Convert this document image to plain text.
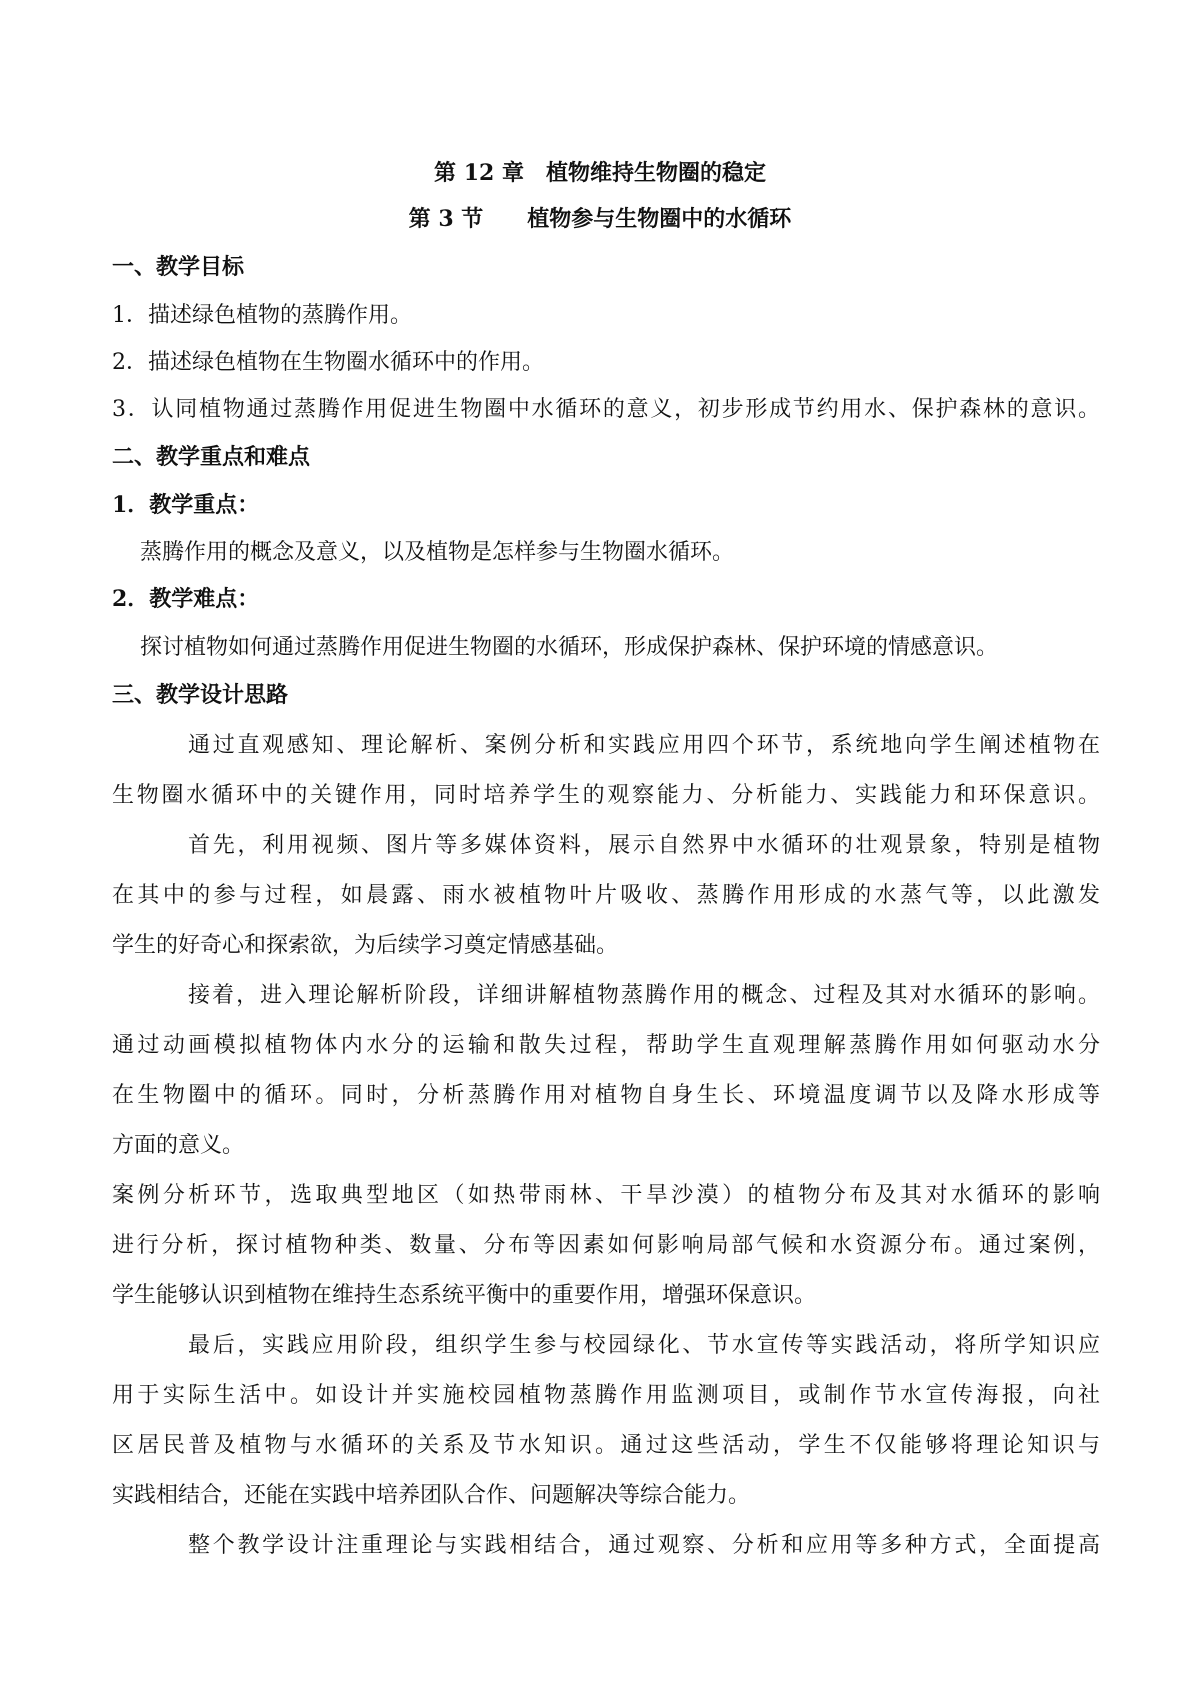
第 12 章　植物维持生物圈的稳定
第 3 节　　植物参与生物圈中的水循环
一、教学目标
1．描述绿色植物的蒸腾作用。
2．描述绿色植物在生物圈水循环中的作用。
3．认同植物通过蒸腾作用促进生物圈中水循环的意义，初步形成节约用水、保护森林的意识。
二、教学重点和难点
1．教学重点：
蒸腾作用的概念及意义，以及植物是怎样参与生物圈水循环。
2．教学难点：
探讨植物如何通过蒸腾作用促进生物圈的水循环，形成保护森林、保护环境的情感意识。
三、教学设计思路
通过直观感知、理论解析、案例分析和实践应用四个环节，系统地向学生阐述植物在
生物圈水循环中的关键作用，同时培养学生的观察能力、分析能力、实践能力和环保意识。
首先，利用视频、图片等多媒体资料，展示自然界中水循环的壮观景象，特别是植物
在其中的参与过程，如晨露、雨水被植物叶片吸收、蒸腾作用形成的水蒸气等，以此激发
学生的好奇心和探索欲，为后续学习奠定情感基础。
接着，进入理论解析阶段，详细讲解植物蒸腾作用的概念、过程及其对水循环的影响。
通过动画模拟植物体内水分的运输和散失过程，帮助学生直观理解蒸腾作用如何驱动水分
在生物圈中的循环。同时，分析蒸腾作用对植物自身生长、环境温度调节以及降水形成等
方面的意义。
案例分析环节，选取典型地区（如热带雨林、干旱沙漠）的植物分布及其对水循环的影响
进行分析，探讨植物种类、数量、分布等因素如何影响局部气候和水资源分布。通过案例，
学生能够认识到植物在维持生态系统平衡中的重要作用，增强环保意识。
最后，实践应用阶段，组织学生参与校园绿化、节水宣传等实践活动，将所学知识应
用于实际生活中。如设计并实施校园植物蒸腾作用监测项目，或制作节水宣传海报，向社
区居民普及植物与水循环的关系及节水知识。通过这些活动，学生不仅能够将理论知识与
实践相结合，还能在实践中培养团队合作、问题解决等综合能力。
整个教学设计注重理论与实践相结合，通过观察、分析和应用等多种方式，全面提高
